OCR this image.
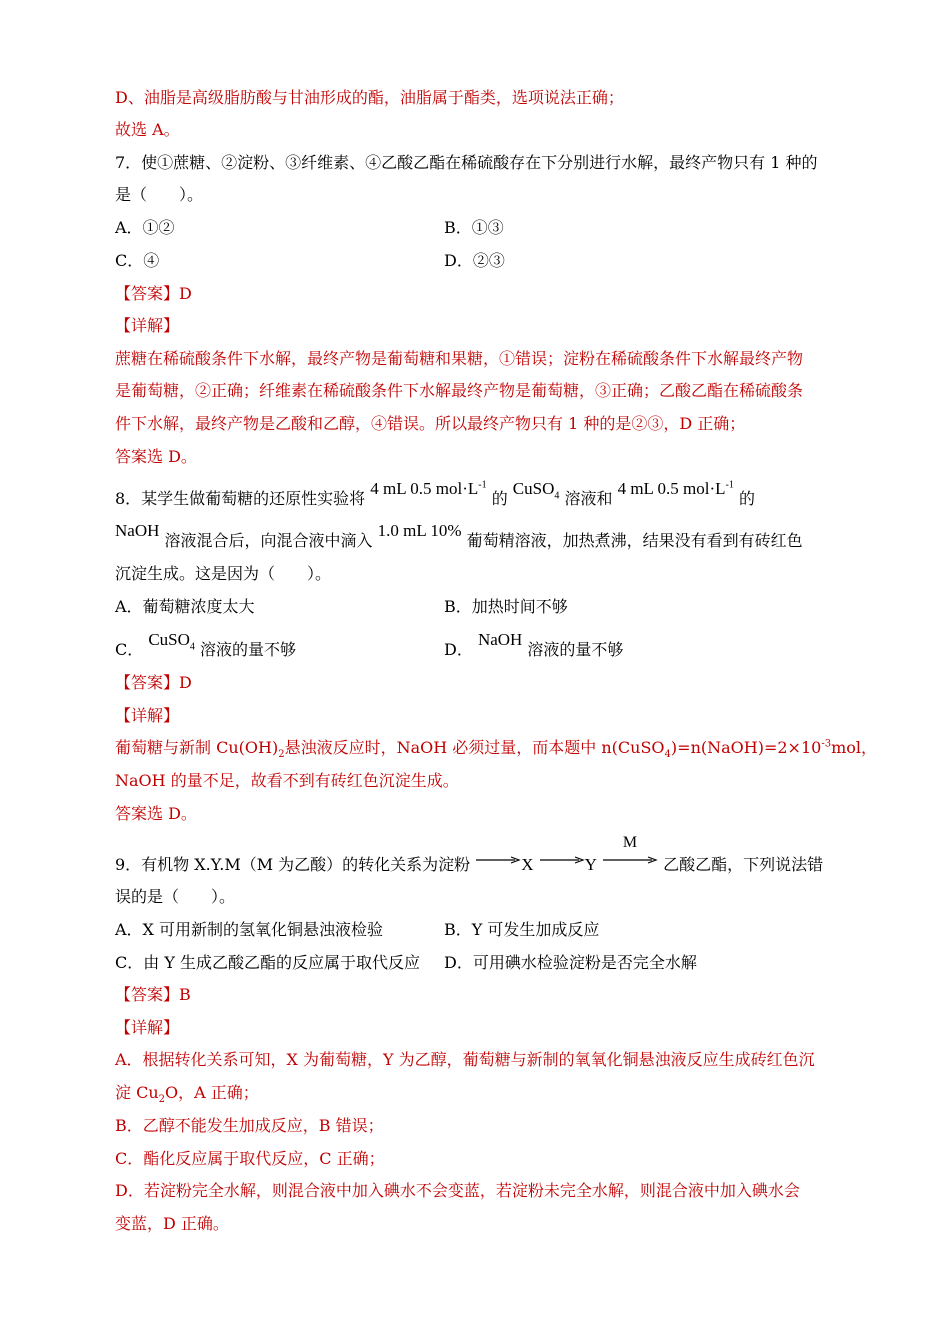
D、油脂是高级脂肪酸与甘油形成的酯，油脂属于酯类，选项说法正确；
故选 A。
7．使①蔗糖、②淀粉、③纤维素、④乙酸乙酯在稀硫酸存在下分别进行水解，最终产物只有 1 种的
是（　　）。
A．①②	B．①③
C．④	D．②③
【答案】D
【详解】
蔗糖在稀硫酸条件下水解，最终产物是葡萄糖和果糖，①错误；淀粉在稀硫酸条件下水解最终产物
是葡萄糖，②正确；纤维素在稀硫酸条件下水解最终产物是葡萄糖，③正确；乙酸乙酯在稀硫酸条
件下水解，最终产物是乙酸和乙醇，④错误。所以最终产物只有 1 种的是②③，D 正确；
答案选 D。
8．某学生做葡萄糖的还原性实验将 4 mL 0.5 $mol\cdot L^{-1}$ 的 CuSO$_4$ 溶液和 4 mL 0.5 $mol\cdot L^{-1}$ 的
NaOH 溶液混合后，向混合液中滴入 1.0 mL 10% 葡萄精溶液，加热煮沸，结果没有看到有砖红色
沉淀生成。这是因为（　　）。
A．葡萄糖浓度太大	B．加热时间不够
C． CuSO$_4$ 溶液的量不够	D． NaOH 溶液的量不够
【答案】D
【详解】
葡萄糖与新制 $Cu(OH)_2$悬浊液反应时，NaOH 必须过量，而本题中 $n(CuSO_4)=n(NaOH)=2\times 10^{-3}mol$，
NaOH 的量不足，故看不到有砖红色沉淀生成。
答案选 D。
9．有机物 X.Y.M（M 为乙酸）的转化关系为淀粉	X	Y
M
乙酸乙酯，下列说法错
误的是（　　）。
A．X 可用新制的氢氧化铜悬浊液检验	B．Y 可发生加成反应
C．由 Y 生成乙酸乙酯的反应属于取代反应 D．可用碘水检验淀粉是否完全水解
【答案】B
【详解】
A．根据转化关系可知，X 为葡萄糖，Y 为乙醇，葡萄糖与新制的氧氧化铜悬浊液反应生成砖红色沉
淀 $Cu_2O$，A 正确；
B．乙醇不能发生加成反应，B 错误；
C．酯化反应属于取代反应，C 正确；
D．若淀粉完全水解，则混合液中加入碘水不会变蓝，若淀粉未完全水解，则混合液中加入碘水会
变蓝，D 正确。
